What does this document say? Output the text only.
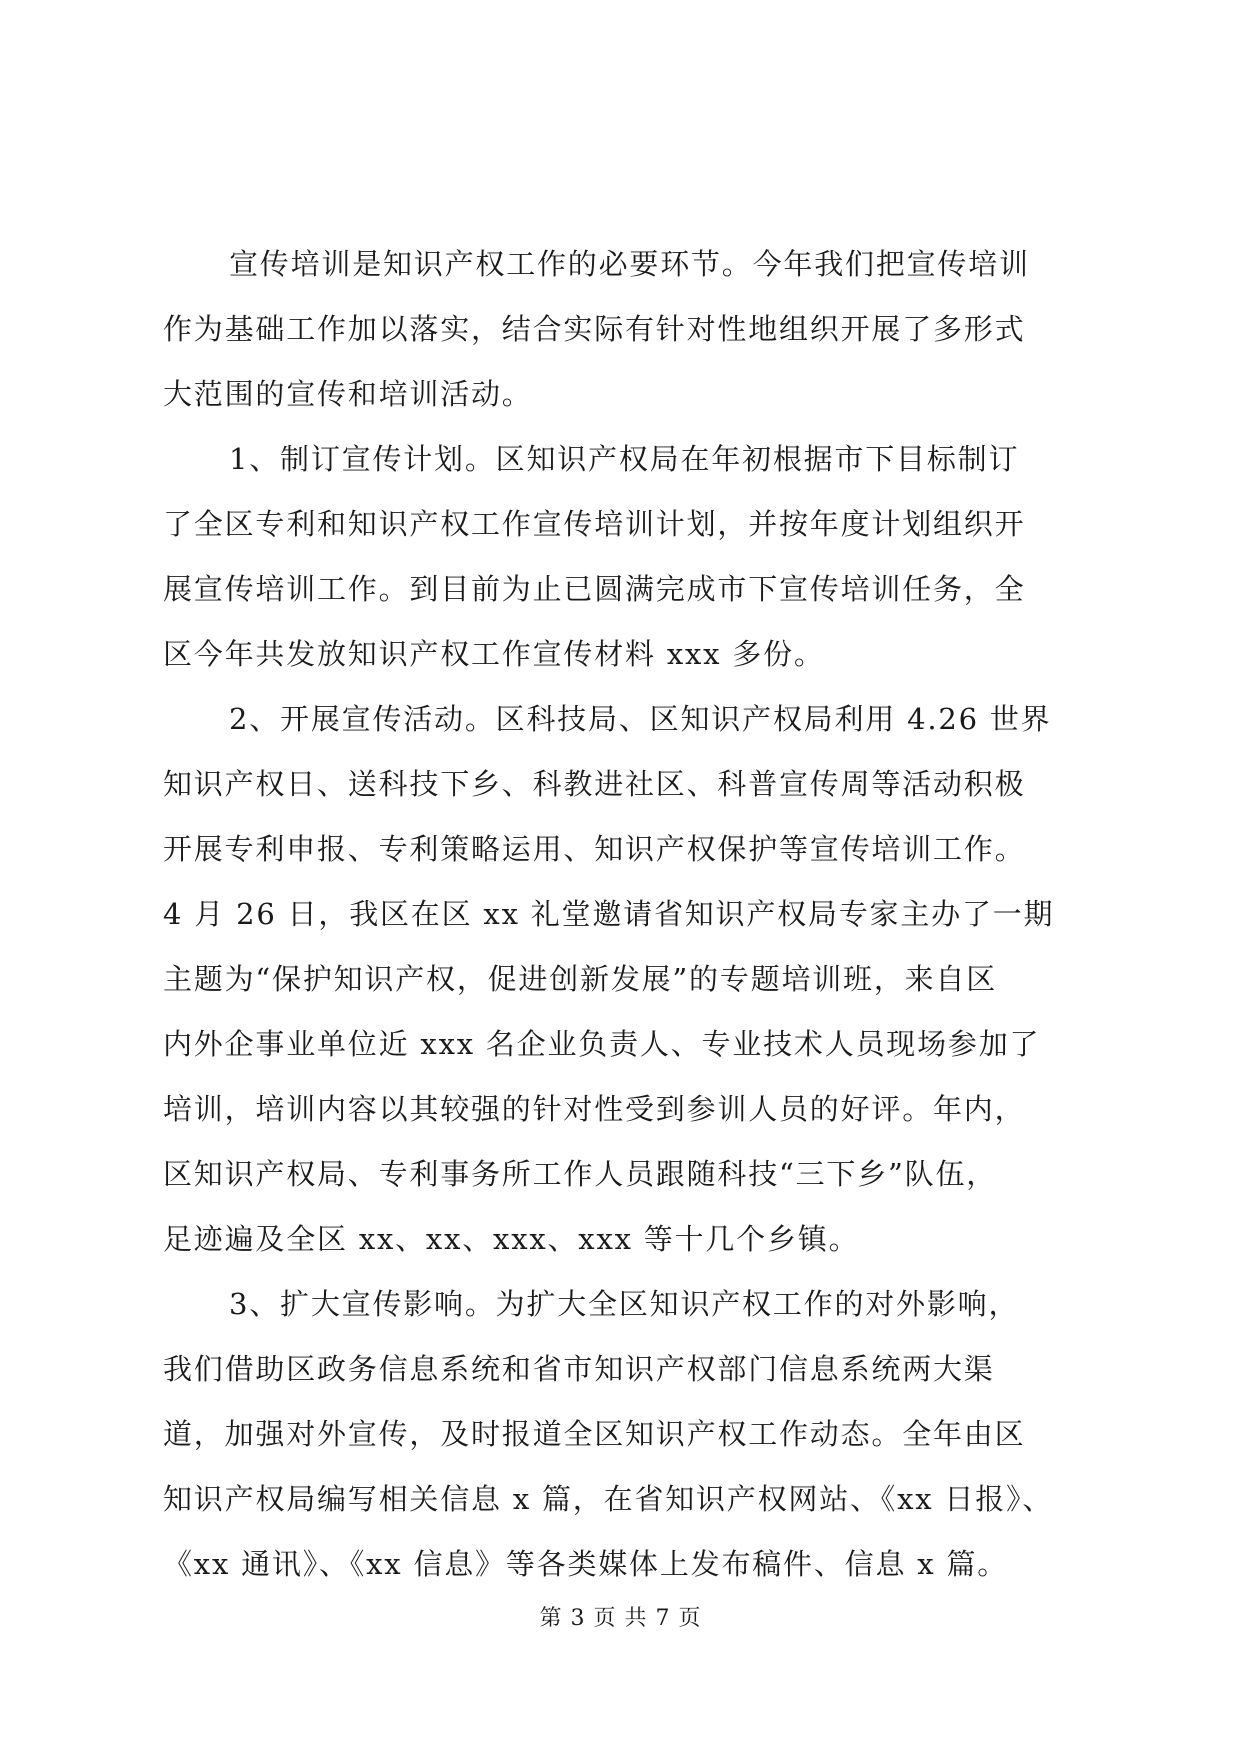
宣传培训是知识产权工作的必要环节。今年我们把宣传培训
作为基础工作加以落实，结合实际有针对性地组织开展了多形式
大范围的宣传和培训活动。
1、制订宣传计划。区知识产权局在年初根据市下目标制订
了全区专利和知识产权工作宣传培训计划，并按年度计划组织开
展宣传培训工作。到目前为止已圆满完成市下宣传培训任务，全
区今年共发放知识产权工作宣传材料 xxx 多份。
2、开展宣传活动。区科技局、区知识产权局利用 4.26 世界
知识产权日、送科技下乡、科教进社区、科普宣传周等活动积极
开展专利申报、专利策略运用、知识产权保护等宣传培训工作。
4 月 26 日，我区在区 xx 礼堂邀请省知识产权局专家主办了一期
主题为“保护知识产权，促进创新发展”的专题培训班，来自区
内外企事业单位近 xxx 名企业负责人、专业技术人员现场参加了
培训，培训内容以其较强的针对性受到参训人员的好评。年内，
区知识产权局、专利事务所工作人员跟随科技“三下乡”队伍，
足迹遍及全区 xx、xx、xxx、xxx 等十几个乡镇。
3、扩大宣传影响。为扩大全区知识产权工作的对外影响，
我们借助区政务信息系统和省市知识产权部门信息系统两大渠
道，加强对外宣传，及时报道全区知识产权工作动态。全年由区
知识产权局编写相关信息 x 篇，在省知识产权网站、《xx 日报》、
《xx 通讯》、《xx 信息》等各类媒体上发布稿件、信息 x 篇。
第 3 页 共 7 页
